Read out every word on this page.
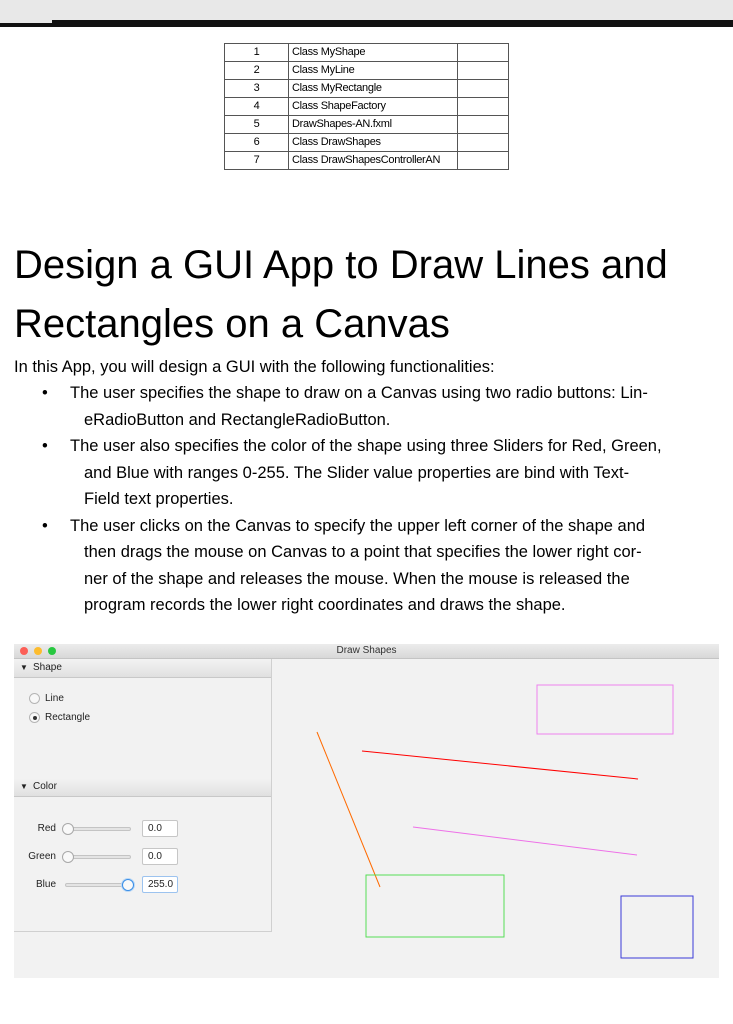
1	Class MyShape	
2	Class MyLine	
3	Class MyRectangle	
4	Class ShapeFactory	
5	DrawShapes-AN.fxml	
6	Class DrawShapes	
7	Class DrawShapesControllerAN	
Design a GUI App to Draw Lines and
Rectangles on a Canvas
In this App, you will design a GUI with the following functionalities:
•	The user specifies the shape to draw on a Canvas using two radio buttons: Lin-
eRadioButton and RectangleRadioButton.
•	The user also specifies the color of the shape using three Sliders for Red, Green,
and Blue with ranges 0-255. The Slider value properties are bind with Text-
Field text properties.
•	The user clicks on the Canvas to specify the upper left corner of the shape and
then drags the mouse on Canvas to a point that specifies the lower right cor-
ner of the shape and releases the mouse. When the mouse is released the
program records the lower right coordinates and draws the shape.
Draw Shapes
▼ Shape
Line
Rectangle
▼ Color
Red	0.0
Green	0.0
Blue	255.0
